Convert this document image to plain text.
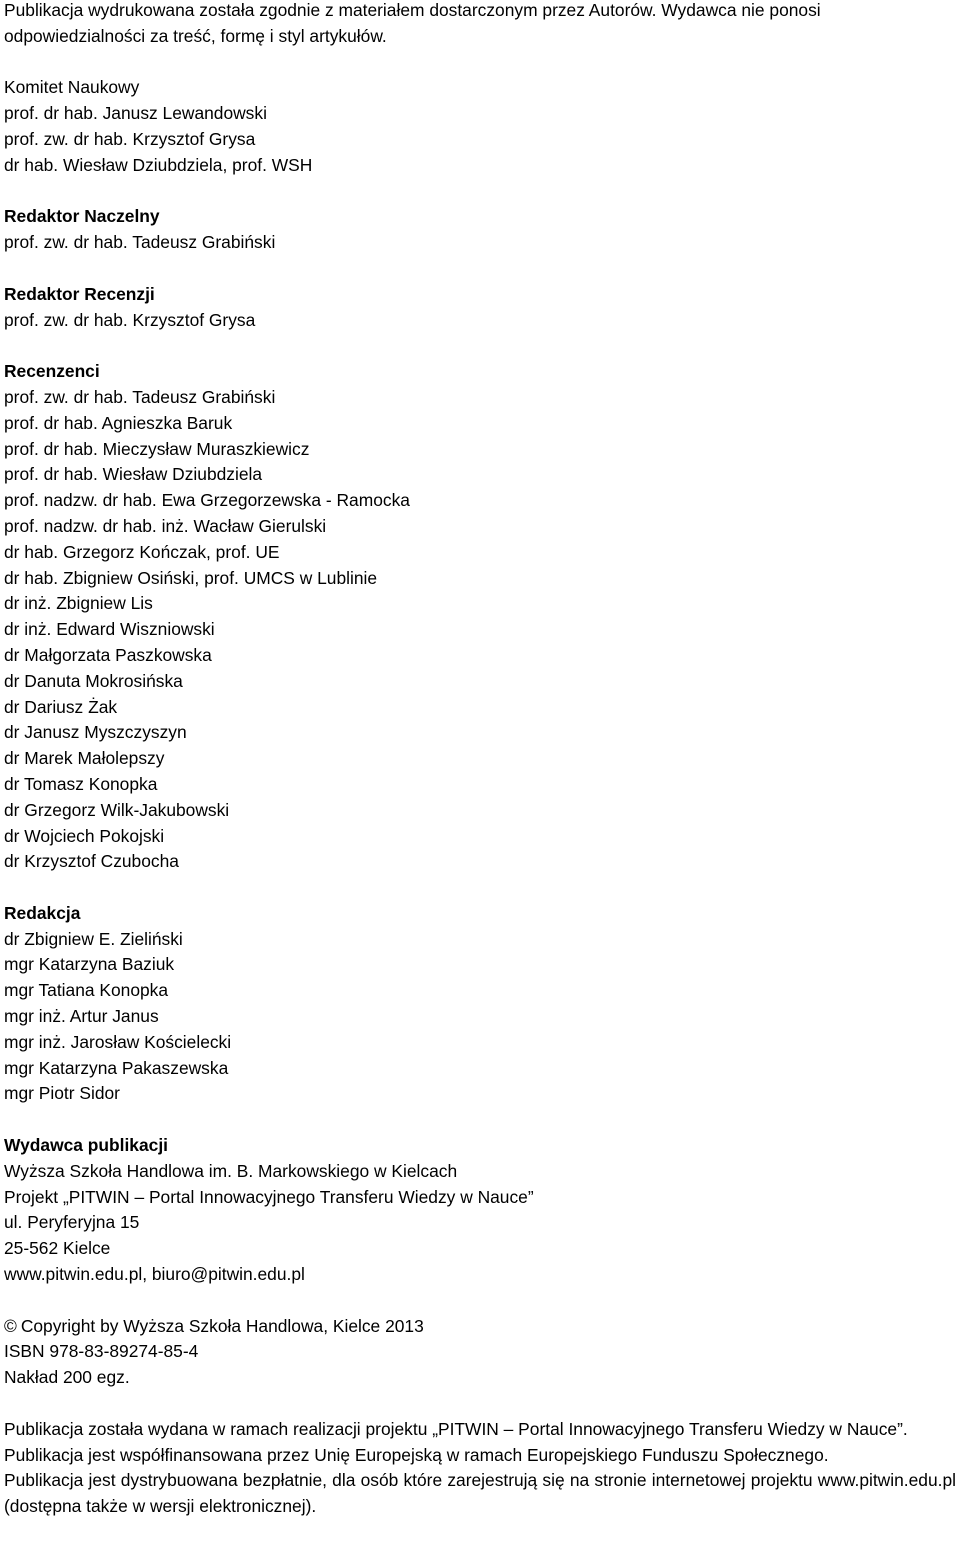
Publikacja wydrukowana została zgodnie z materiałem dostarczonym przez Autorów. Wydawca nie ponosi
odpowiedzialności za treść, formę i styl artykułów.
Komitet Naukowy
prof. dr hab. Janusz Lewandowski
prof. zw. dr hab. Krzysztof Grysa
dr hab. Wiesław Dziubdziela, prof. WSH
Redaktor Naczelny
prof. zw. dr hab. Tadeusz Grabiński
Redaktor Recenzji
prof. zw. dr hab. Krzysztof Grysa
Recenzenci
prof. zw. dr hab. Tadeusz Grabiński
prof. dr hab. Agnieszka Baruk
prof. dr hab. Mieczysław Muraszkiewicz
prof. dr hab. Wiesław Dziubdziela
prof. nadzw. dr hab. Ewa Grzegorzewska - Ramocka
prof. nadzw. dr hab. inż. Wacław Gierulski
dr hab. Grzegorz Kończak, prof. UE
dr hab. Zbigniew Osiński, prof. UMCS w Lublinie
dr inż. Zbigniew Lis
dr inż. Edward Wiszniowski
dr Małgorzata Paszkowska
dr Danuta Mokrosińska
dr Dariusz Żak
dr Janusz Myszczyszyn
dr Marek Małolepszy
dr Tomasz Konopka
dr Grzegorz Wilk-Jakubowski
dr Wojciech Pokojski
dr Krzysztof Czubocha
Redakcja
dr Zbigniew E. Zieliński
mgr Katarzyna Baziuk
mgr Tatiana Konopka
mgr inż. Artur Janus
mgr inż. Jarosław Kościelecki
mgr Katarzyna Pakaszewska
mgr Piotr Sidor
Wydawca publikacji
Wyższa Szkoła Handlowa im. B. Markowskiego w Kielcach
Projekt „PITWIN – Portal Innowacyjnego Transferu Wiedzy w Nauce”
ul. Peryferyjna 15
25-562 Kielce
www.pitwin.edu.pl, biuro@pitwin.edu.pl
© Copyright by Wyższa Szkoła Handlowa, Kielce 2013
ISBN 978-83-89274-85-4
Nakład 200 egz.
Publikacja została wydana w ramach realizacji projektu „PITWIN – Portal Innowacyjnego Transferu Wiedzy w Nauce”.
Publikacja jest współfinansowana przez Unię Europejską w ramach Europejskiego Funduszu Społecznego.
Publikacja jest dystrybuowana bezpłatnie, dla osób które zarejestrują się na stronie internetowej projektu www.pitwin.edu.pl (dostępna także w wersji elektronicznej).
